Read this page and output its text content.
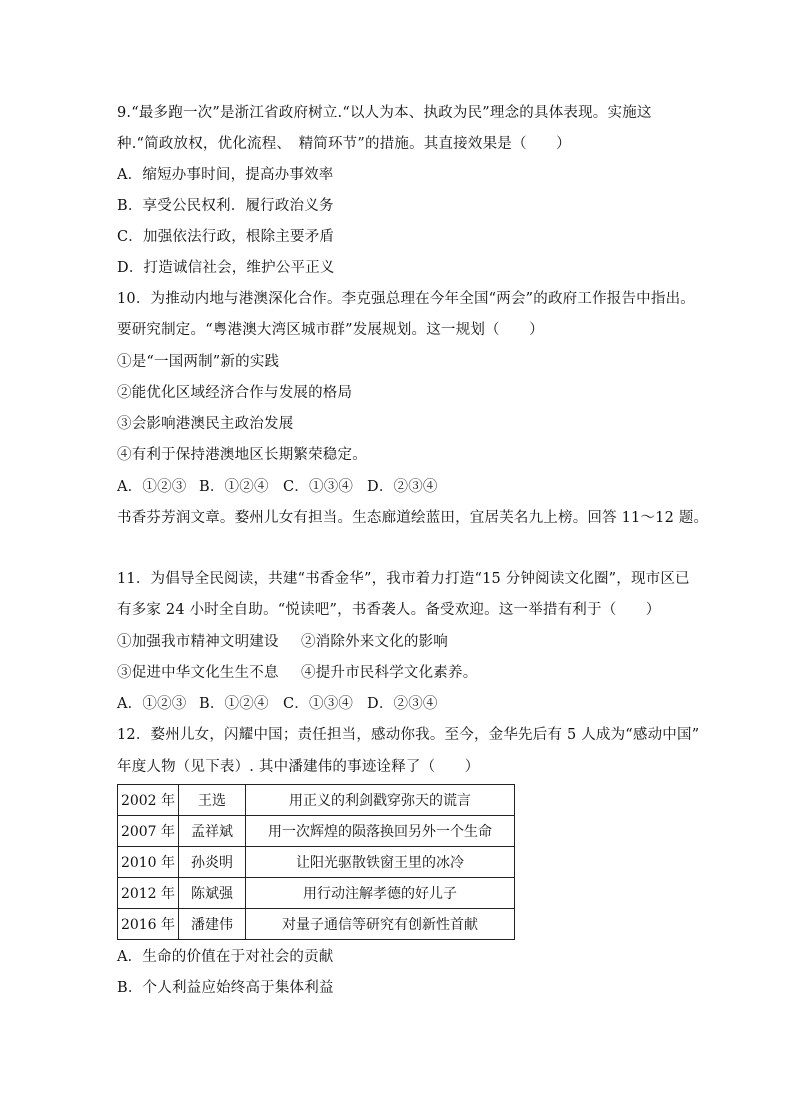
9.“最多跑一次”是浙江省政府树立.“以人为本、执政为民”理念的具体表现。实施这
种.“简政放权，优化流程、　精简环节”的措施。其直接效果是（　　）
A．缩短办事时间，提高办事效率
B．享受公民权利．履行政治义务
C．加强依法行政，根除主要矛盾
D．打造诚信社会，维护公平正义
10．为推动内地与港澳深化合作。李克强总理在今年全国“两会”的政府工作报告中指出。
要研究制定。“粤港澳大湾区城市群”发展规划。这一规划（　　）
①是“一国两制”新的实践
②能优化区域经济合作与发展的格局
③会影响港澳民主政治发展
④有利于保持港澳地区长期繁荣稳定。
A．①②③ B．①②④ C．①③④ D．②③④
书香芬芳润文章。婺州儿女有担当。生态廊道绘蓝田，宜居芙名九上榜。回答 11～12 题。
11．为倡导全民阅读，共建“书香金华”，我市着力打造“15 分钟阅读文化圈”，现市区已
有多家 24 小时全自助。“悦读吧”，书香袭人。备受欢迎。这一举措有利于（　　）
①加强我市精神文明建设 ②消除外来文化的影响
③促进中华文化生生不息 ④提升市民科学文化素养。
A．①②③ B．①②④ C．①③④ D．②③④
12．婺州儿女，闪耀中国；责任担当，感动你我。至今，金华先后有 5 人成为“感动中国”
年度人物（见下表）. 其中潘建伟的事迹诠释了（　　）
2002 年	王选	用正义的利剑戳穿弥天的谎言
2007 年	孟祥斌	用一次辉煌的陨落换回另外一个生命
2010 年	孙炎明	让阳光驱散铁窗王里的冰冷
2012 年	陈斌强	用行动注解孝德的好儿子
2016 年	潘建伟	对量子通信等研究有创新性首献
A．生命的价值在于对社会的贡献
B．个人利益应始终高于集体利益
